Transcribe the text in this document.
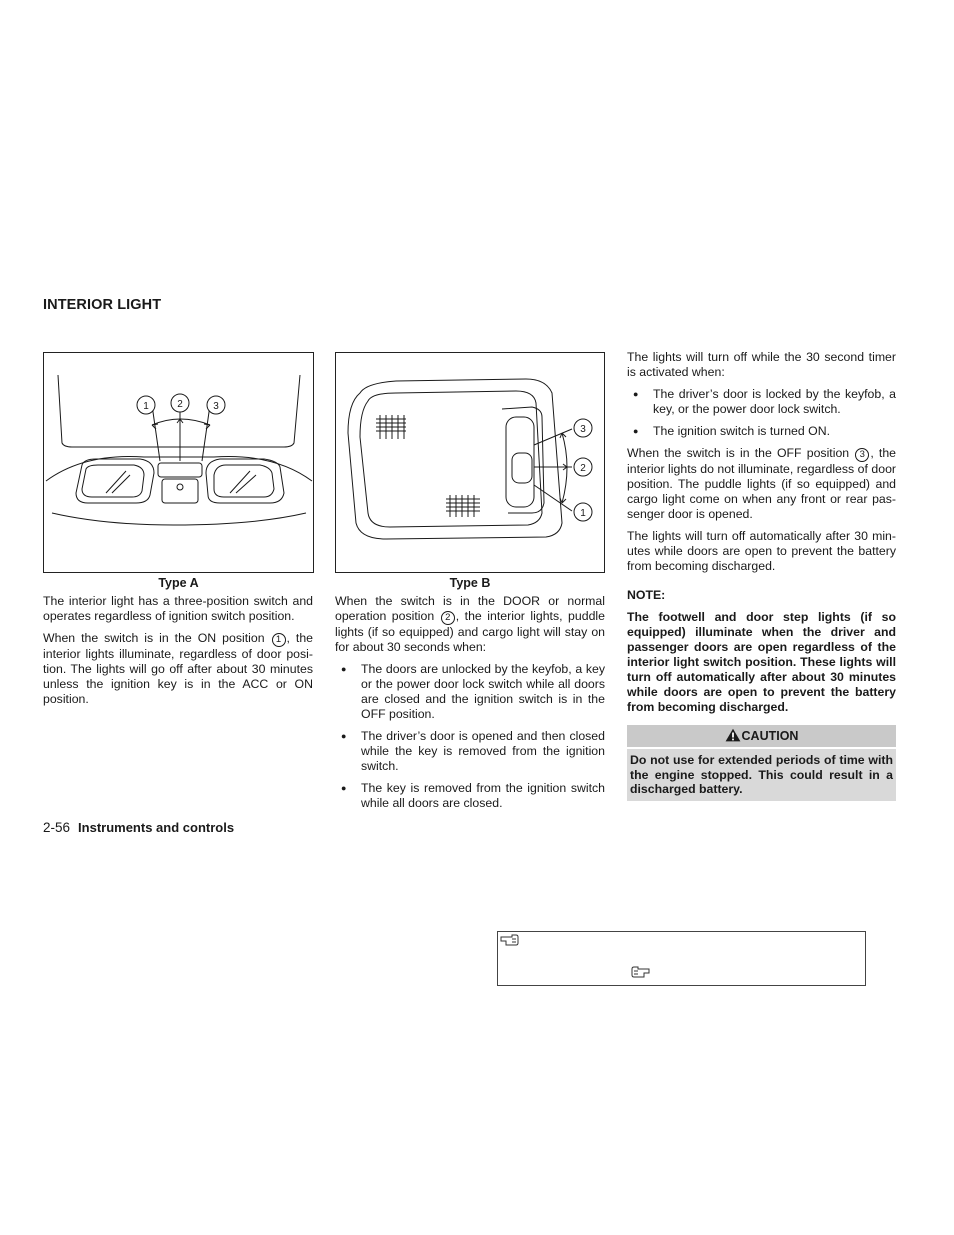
INTERIOR LIGHT
1	2	3
Type A
3
2
1
Type B

The interior light has a three-position switch and operates regardless of ignition switch position.

When the switch is in the ON position 1 , the interior lights illuminate, regardless of door posi-tion. The lights will go off after about 30 minutes unless the ignition key is in the ACC or ON position.

When the switch is in the DOOR or normal operation position 2 , the interior lights, puddle lights (if so equipped) and cargo light will stay on for about 30 seconds when:

● The doors are unlocked by the keyfob, a key or the power door lock switch while all doors are closed and the ignition switch is in the OFF position.
● The driver’s door is opened and then closed while the key is removed from the ignition switch.
● The key is removed from the ignition switch while all doors are closed.

The lights will turn off while the 30 second timer is activated when:

● The driver’s door is locked by the keyfob, a key, or the power door lock switch.
● The ignition switch is turned ON.

When the switch is in the OFF position 3 , the interior lights do not illuminate, regardless of door position. The puddle lights (if so equipped) and cargo light come on when any front or rear pas-senger door is opened.

The lights will turn off automatically after 30 min-utes while doors are open to prevent the battery from becoming discharged.

NOTE:

The footwell and door step lights (if so equipped) illuminate when the driver and passenger doors are open regardless of the interior light switch position. These lights will turn off automatically after about 30 minutes while doors are open to prevent the battery from becoming discharged.

CAUTION
Do not use for extended periods of time with the engine stopped. This could result in a discharged battery.
2-56 Instruments and controls
